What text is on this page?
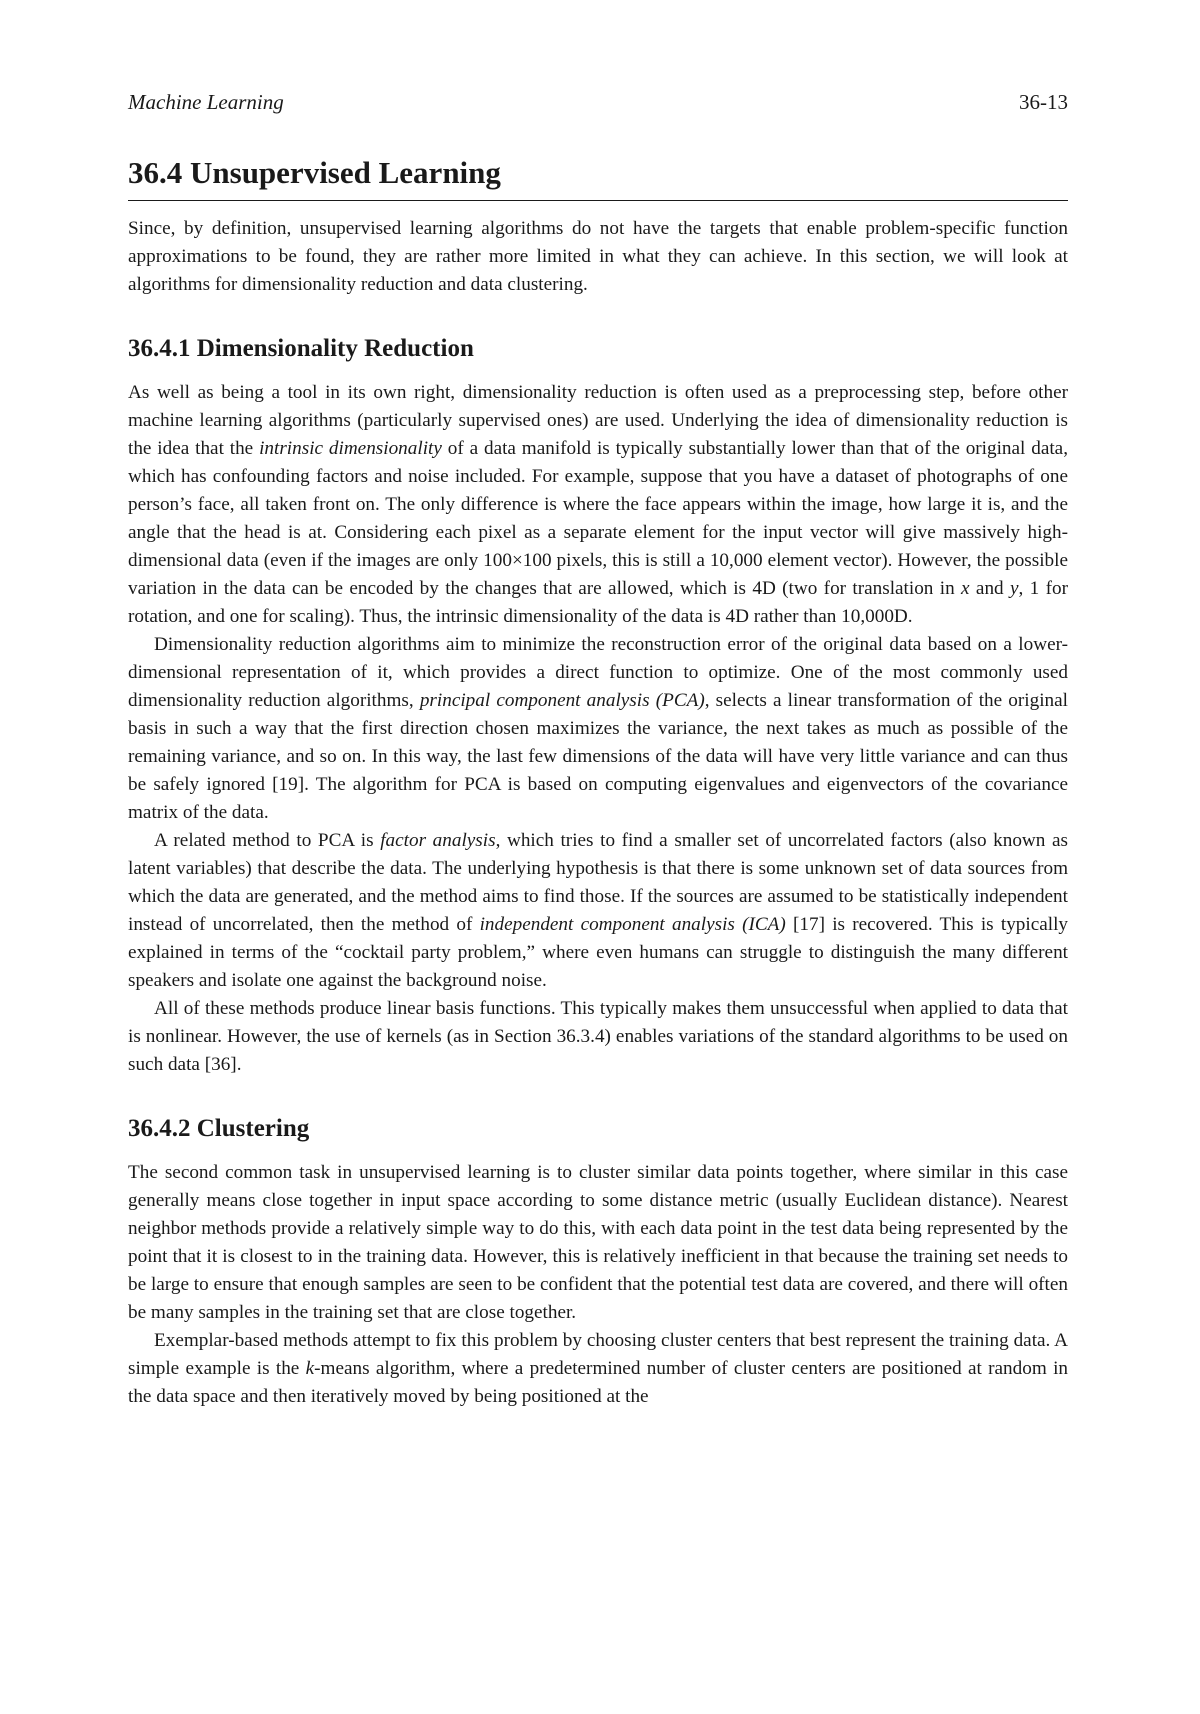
Machine Learning	36-13
36.4 Unsupervised Learning

Since, by definition, unsupervised learning algorithms do not have the targets that enable problem-specific function approximations to be found, they are rather more limited in what they can achieve. In this section, we will look at algorithms for dimensionality reduction and data clustering.

36.4.1 Dimensionality Reduction

As well as being a tool in its own right, dimensionality reduction is often used as a preprocessing step, before other machine learning algorithms (particularly supervised ones) are used. Underlying the idea of dimensionality reduction is the idea that the intrinsic dimensionality of a data manifold is typically substantially lower than that of the original data, which has confounding factors and noise included. For example, suppose that you have a dataset of photographs of one person’s face, all taken front on. The only difference is where the face appears within the image, how large it is, and the angle that the head is at. Considering each pixel as a separate element for the input vector will give massively high-dimensional data (even if the images are only 100×100 pixels, this is still a 10,000 element vector). However, the possible variation in the data can be encoded by the changes that are allowed, which is 4D (two for translation in x and y, 1 for rotation, and one for scaling). Thus, the intrinsic dimensionality of the data is 4D rather than 10,000D.

Dimensionality reduction algorithms aim to minimize the reconstruction error of the original data based on a lower-dimensional representation of it, which provides a direct function to optimize. One of the most commonly used dimensionality reduction algorithms, principal component analysis (PCA), selects a linear transformation of the original basis in such a way that the first direction chosen maximizes the variance, the next takes as much as possible of the remaining variance, and so on. In this way, the last few dimensions of the data will have very little variance and can thus be safely ignored [19]. The algorithm for PCA is based on computing eigenvalues and eigenvectors of the covariance matrix of the data.

A related method to PCA is factor analysis, which tries to find a smaller set of uncorrelated factors (also known as latent variables) that describe the data. The underlying hypothesis is that there is some unknown set of data sources from which the data are generated, and the method aims to find those. If the sources are assumed to be statistically independent instead of uncorrelated, then the method of independent component analysis (ICA) [17] is recovered. This is typically explained in terms of the “cocktail party problem,” where even humans can struggle to distinguish the many different speakers and isolate one against the background noise.

All of these methods produce linear basis functions. This typically makes them unsuccessful when applied to data that is nonlinear. However, the use of kernels (as in Section 36.3.4) enables variations of the standard algorithms to be used on such data [36].

36.4.2 Clustering

The second common task in unsupervised learning is to cluster similar data points together, where similar in this case generally means close together in input space according to some distance metric (usually Euclidean distance). Nearest neighbor methods provide a relatively simple way to do this, with each data point in the test data being represented by the point that it is closest to in the training data. However, this is relatively inefficient in that because the training set needs to be large to ensure that enough samples are seen to be confident that the potential test data are covered, and there will often be many samples in the training set that are close together.

Exemplar-based methods attempt to fix this problem by choosing cluster centers that best represent the training data. A simple example is the k-means algorithm, where a predetermined number of cluster centers are positioned at random in the data space and then iteratively moved by being positioned at the
